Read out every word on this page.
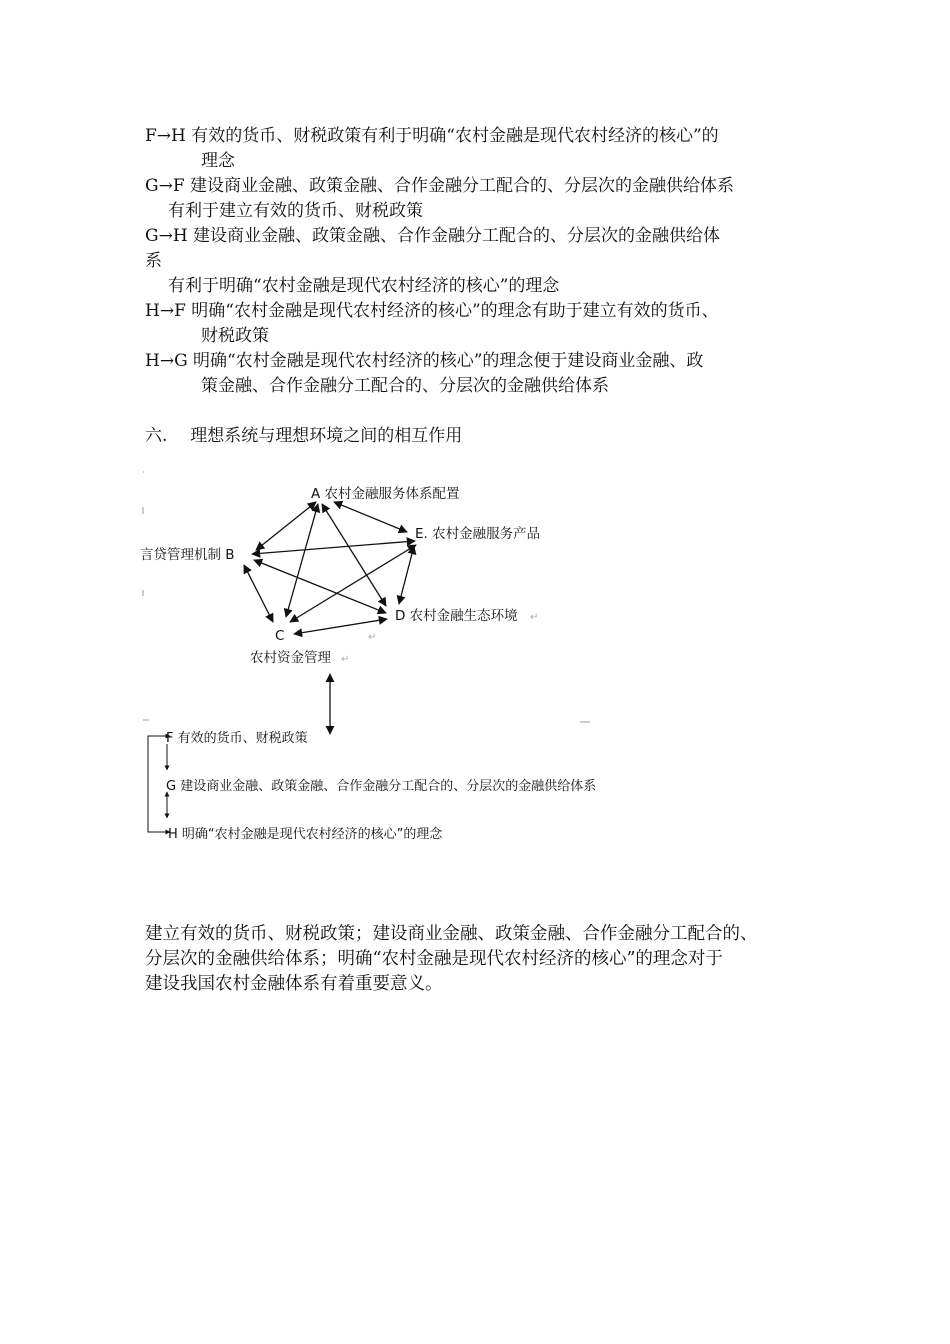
F→H 有效的货币、财税政策有利于明确“农村金融是现代农村经济的核心”的
理念
G→F 建设商业金融、政策金融、合作金融分工配合的、分层次的金融供给体系
有利于建立有效的货币、财税政策
G→H 建设商业金融、政策金融、合作金融分工配合的、分层次的金融供给体
系
有利于明确“农村金融是现代农村经济的核心”的理念
H→F 明确“农村金融是现代农村经济的核心”的理念有助于建立有效的货币、
财税政策
H→G 明确“农村金融是现代农村经济的核心”的理念便于建设商业金融、政
策金融、合作金融分工配合的、分层次的金融供给体系
六. 理想系统与理想环境之间的相互作用
A 农村金融服务体系配置
言贷管理机制 B
E. 农村金融服务产品
D 农村金融生态环境
C
农村资金管理
↵
↵
↵
F 有效的货币、财税政策
G 建设商业金融、政策金融、合作金融分工配合的、分层次的金融供给体系
H 明确“农村金融是现代农村经济的核心”的理念
建立有效的货币、财税政策；建设商业金融、政策金融、合作金融分工配合的、
分层次的金融供给体系；明确“农村金融是现代农村经济的核心”的理念对于
建设我国农村金融体系有着重要意义。
